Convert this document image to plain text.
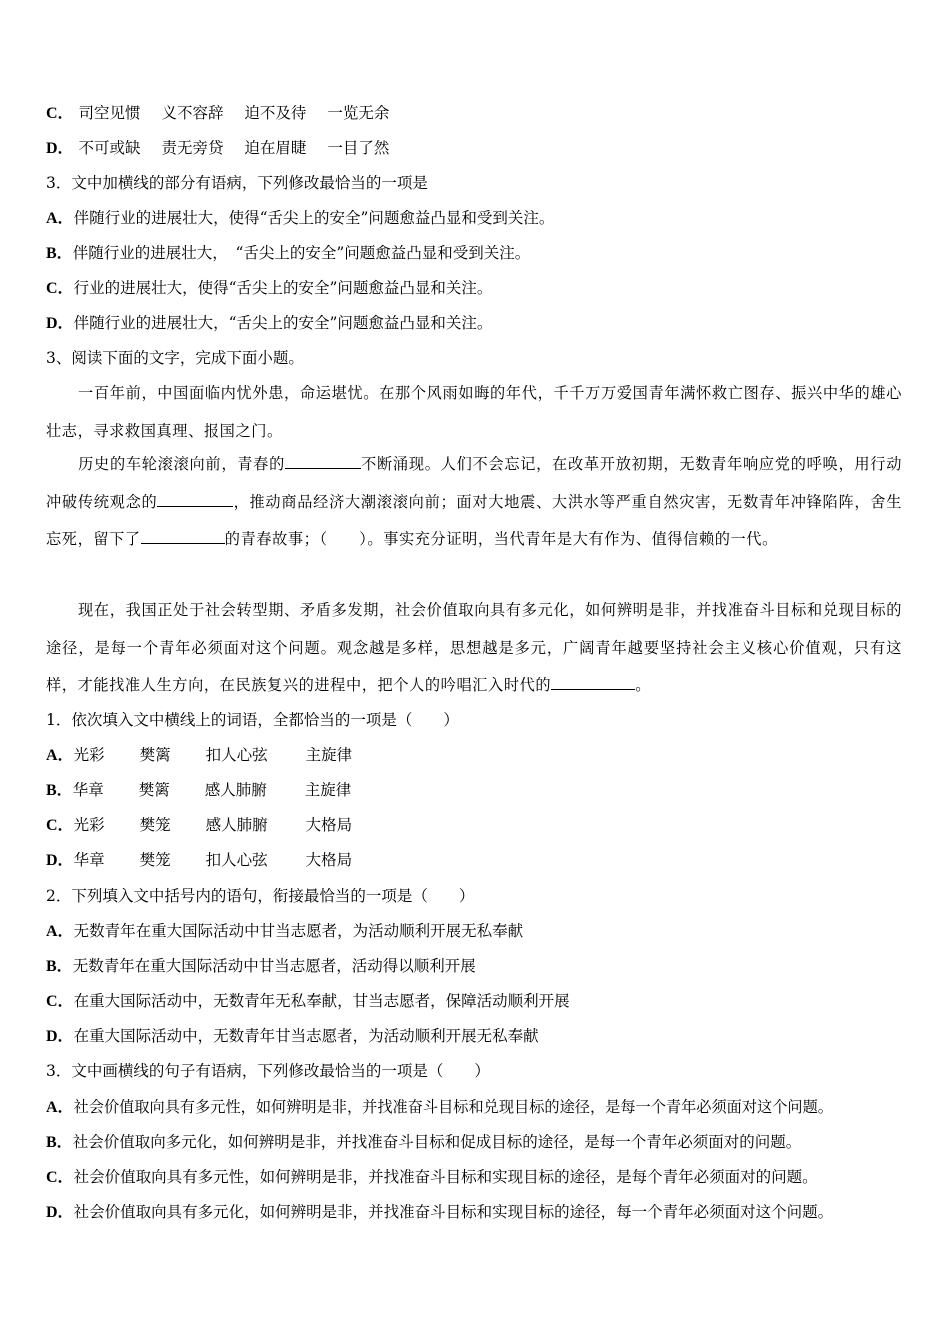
C． 司空见惯 义不容辞 迫不及待 一览无余
D． 不可或缺 责无旁贷 迫在眉睫 一目了然
3．文中加横线的部分有语病，下列修改最恰当的一项是
A．伴随行业的进展壮大，使得“舌尖上的安全”问题愈益凸显和受到关注。
B．伴随行业的进展壮大，　“舌尖上的安全”问题愈益凸显和受到关注。
C．行业的进展壮大，使得“舌尖上的安全”问题愈益凸显和关注。
D．伴随行业的进展壮大，“舌尖上的安全”问题愈益凸显和关注。
3、阅读下面的文字，完成下面小题。
一百年前，中国面临内忧外患，命运堪忧。在那个风雨如晦的年代，千千万万爱国青年满怀救亡图存、振兴中华的雄心壮志，寻求救国真理、报国之门。
历史的车轮滚滚向前，青春的	不断涌现。人们不会忘记，在改革开放初期，无数青年响应党的呼唤，用行动冲破传统观念的	，推动商品经济大潮滚滚向前；面对大地震、大洪水等严重自然灾害，无数青年冲锋陷阵，舍生忘死，留下了	的青春故事；（　　）。事实充分证明，当代青年是大有作为、值得信赖的一代。
现在，我国正处于社会转型期、矛盾多发期，社会价值取向具有多元化，如何辨明是非，并找准奋斗目标和兑现目标的途径，是每一个青年必须面对这个问题。观念越是多样，思想越是多元，广阔青年越要坚持社会主义核心价值观，只有这样，才能找准人生方向，在民族复兴的进程中，把个人的吟唱汇入时代的	。
1．依次填入文中横线上的词语，全都恰当的一项是（　　）
A．光彩 樊篱 扣人心弦 主旋律
B．华章 樊篱 感人肺腑 主旋律
C．光彩 樊笼 感人肺腑 大格局
D．华章 樊笼 扣人心弦 大格局
2．下列填入文中括号内的语句，衔接最恰当的一项是（　　）
A．无数青年在重大国际活动中甘当志愿者，为活动顺利开展无私奉献
B．无数青年在重大国际活动中甘当志愿者，活动得以顺利开展
C．在重大国际活动中，无数青年无私奉献，甘当志愿者，保障活动顺利开展
D．在重大国际活动中，无数青年甘当志愿者，为活动顺利开展无私奉献
3．文中画横线的句子有语病，下列修改最恰当的一项是（　　）
A．社会价值取向具有多元性，如何辨明是非，并找准奋斗目标和兑现目标的途径，是每一个青年必须面对这个问题。
B．社会价值取向多元化，如何辨明是非，并找准奋斗目标和促成目标的途径，是每一个青年必须面对的问题。
C．社会价值取向具有多元性，如何辨明是非，并找准奋斗目标和实现目标的途径，是每个青年必须面对的问题。
D．社会价值取向具有多元化，如何辨明是非，并找准奋斗目标和实现目标的途径，每一个青年必须面对这个问题。
